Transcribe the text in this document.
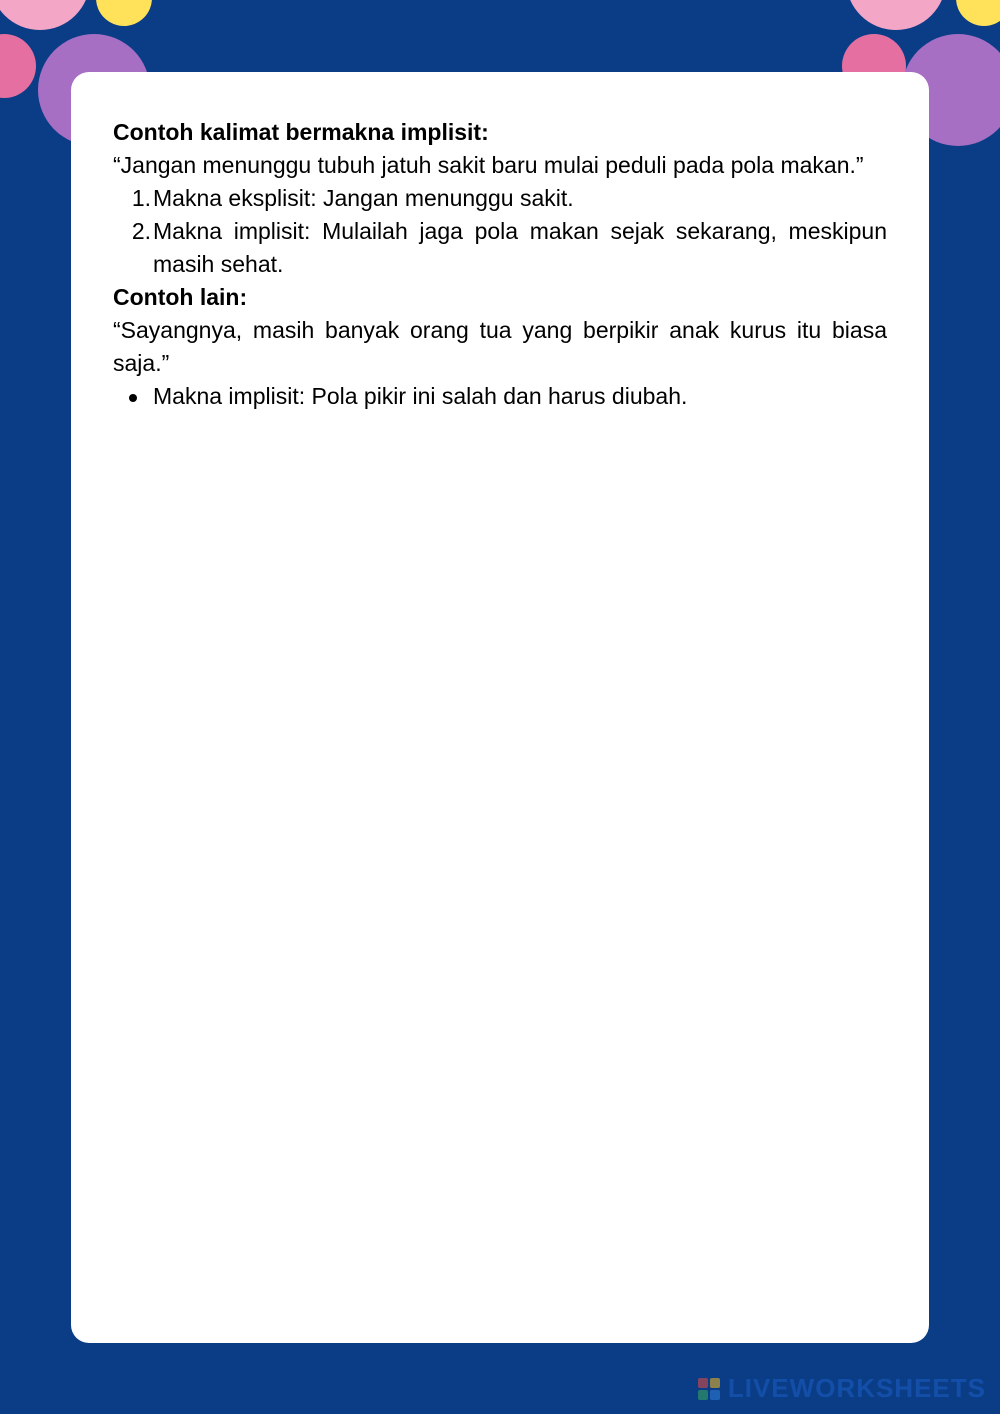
Contoh kalimat bermakna implisit:

“Jangan menunggu tubuh jatuh sakit baru mulai peduli pada pola makan.”

1. Makna eksplisit: Jangan menunggu sakit.
2. Makna implisit: Mulailah jaga pola makan sejak sekarang, meskipun masih sehat.

Contoh lain:

“Sayangnya, masih banyak orang tua yang berpikir anak kurus itu biasa saja.”

Makna implisit: Pola pikir ini salah dan harus diubah.
LIVEWORKSHEETS
